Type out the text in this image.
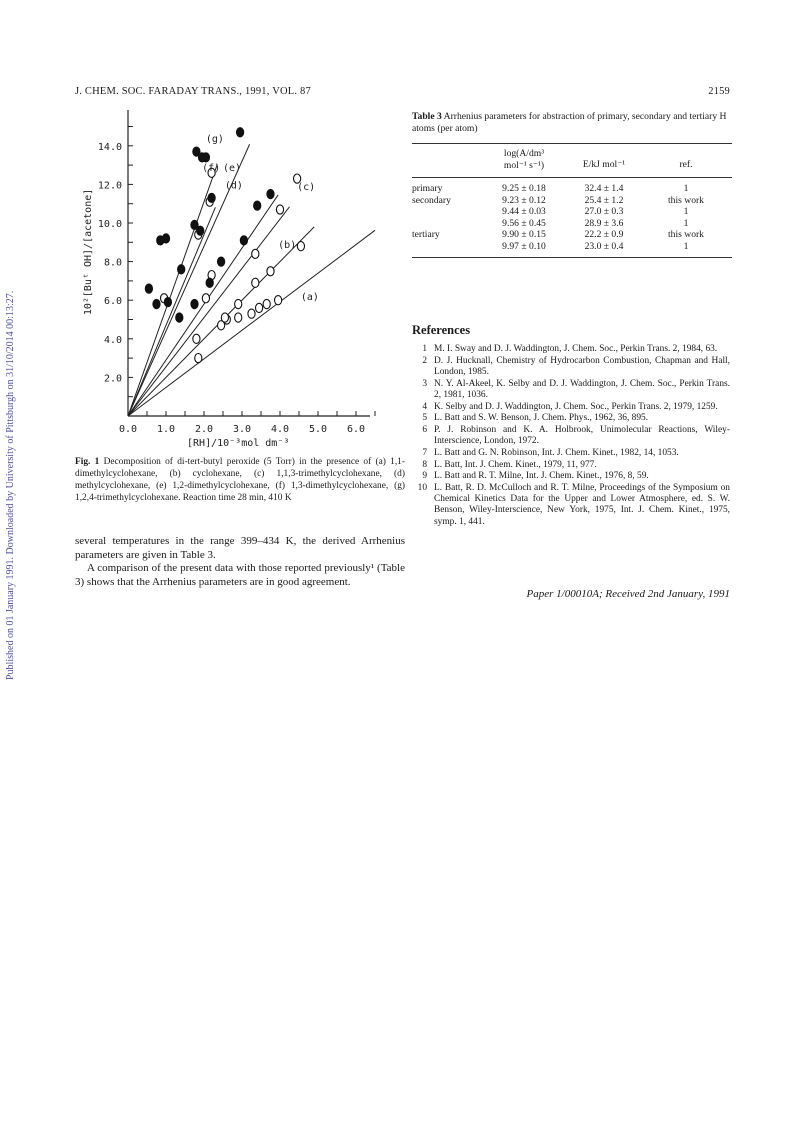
Published on 01 January 1991. Downloaded by University of Pittsburgh on 31/10/2014 00:13:27.
J. CHEM. SOC. FARADAY TRANS., 1991, VOL. 87	2159
0.0 1.0 2.0 3.0 4.0 5.0 6.0
2.0
4.0
6.0
8.0
10.0
12.0
14.0
[RH]/10⁻³mol dm⁻³
10²[Buᵗ OH]/[acetone]	(a)
(b)
(c)
(d)
(e)
(f)
(g)
Fig. 1 Decomposition of di-tert-butyl peroxide (5 Torr) in the presence of (a) 1,1-dimethylcyclohexane, (b) cyclohexane, (c) 1,1,3-trimethylcyclohexane, (d) methylcyclohexane, (e) 1,2-dimethylcyclohexane, (f) 1,3-dimethylcyclohexane, (g) 1,2,4-trimethylcyclohexane. Reaction time 28 min, 410 K

several temperatures in the range 399–434 K, the derived Arrhenius parameters are given in Table 3.

A comparison of the present data with those reported previously¹ (Table 3) shows that the Arrhenius parameters are in good agreement.

Table 3 Arrhenius parameters for abstraction of primary, secondary and tertiary H atoms (per atom)
log(A/dm³
mol⁻¹ s⁻¹)	E/kJ mol⁻¹	ref.
primary	9.25 ± 0.18	32.4 ± 1.4	1
secondary	9.23 ± 0.12	25.4 ± 1.2	this work
9.44 ± 0.03	27.0 ± 0.3	1
9.56 ± 0.45	28.9 ± 3.6	1
tertiary	9.90 ± 0.15	22.2 ± 0.9	this work
9.97 ± 0.10	23.0 ± 0.4	1
References
1 M. I. Sway and D. J. Waddington, J. Chem. Soc., Perkin Trans. 2, 1984, 63.
2 D. J. Hucknall, Chemistry of Hydrocarbon Combustion, Chapman and Hall, London, 1985.
3 N. Y. Al-Akeel, K. Selby and D. J. Waddington, J. Chem. Soc., Perkin Trans. 2, 1981, 1036.
4 K. Selby and D. J. Waddington, J. Chem. Soc., Perkin Trans. 2, 1979, 1259.
5 L. Batt and S. W. Benson, J. Chem. Phys., 1962, 36, 895.
6 P. J. Robinson and K. A. Holbrook, Unimolecular Reactions, Wiley-Interscience, London, 1972.
7 L. Batt and G. N. Robinson, Int. J. Chem. Kinet., 1982, 14, 1053.
8 L. Batt, Int. J. Chem. Kinet., 1979, 11, 977.
9 L. Batt and R. T. Milne, Int. J. Chem. Kinet., 1976, 8, 59.
10 L. Batt, R. D. McCulloch and R. T. Milne, Proceedings of the Symposium on Chemical Kinetics Data for the Upper and Lower Atmosphere, ed. S. W. Benson, Wiley-Interscience, New York, 1975, Int. J. Chem. Kinet., 1975, symp. 1, 441.
Paper 1/00010A; Received 2nd January, 1991
